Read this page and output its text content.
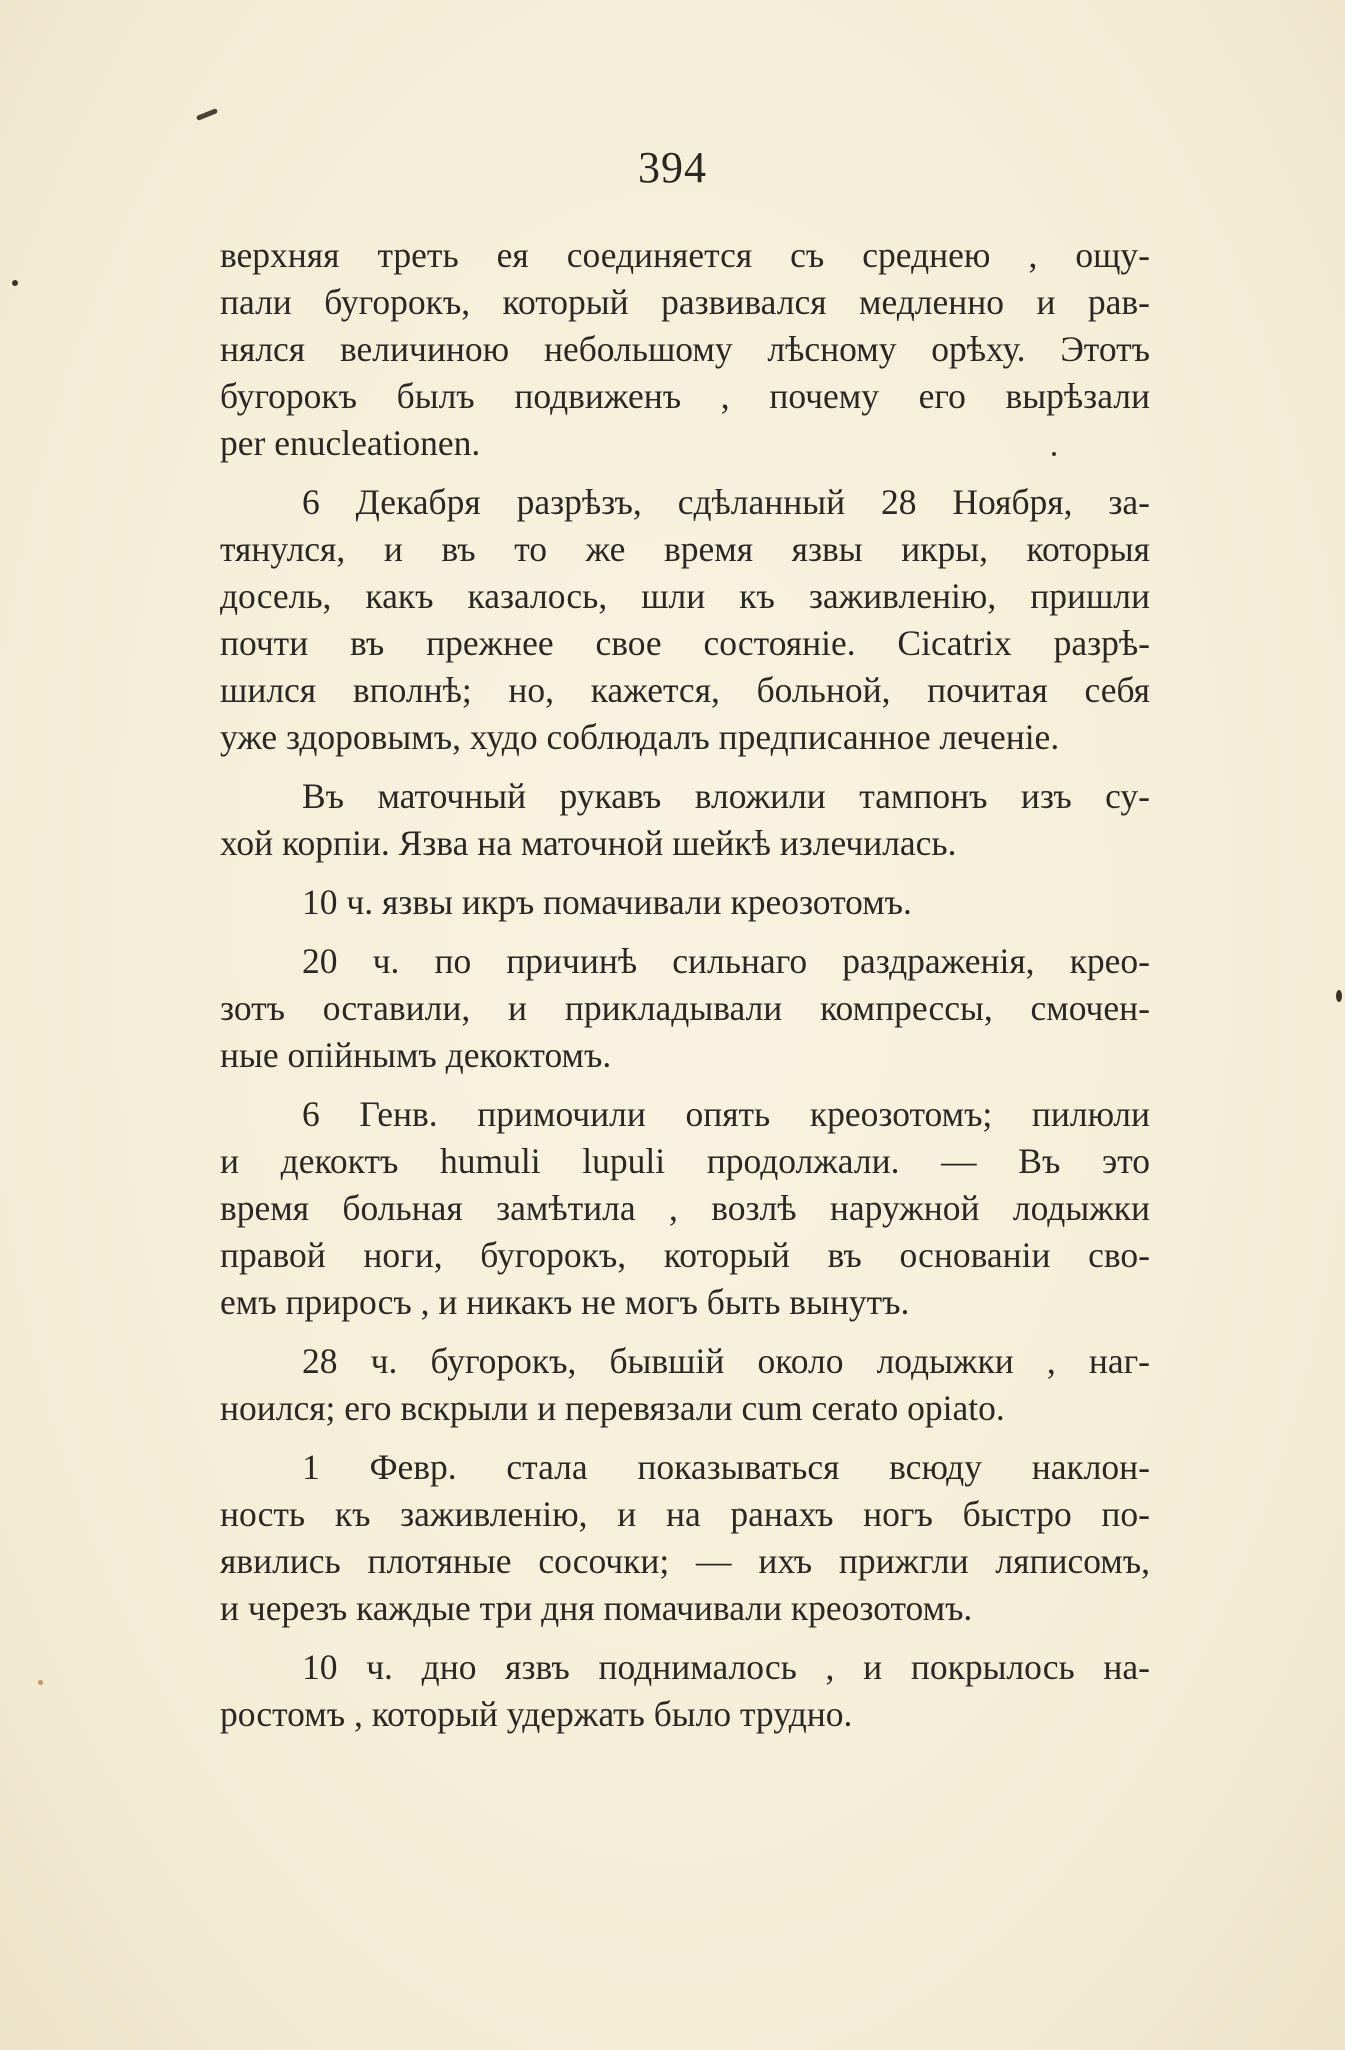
394
верхняя треть ея соединяется съ среднею , ощу-
пали бугорокъ, который развивался медленно и рав-
нялся величиною небольшому лѣсному орѣху. Этотъ
бугорокъ былъ подвиженъ , почему его вырѣзали
per enucleationen.
6 Декабря разрѣзъ, сдѣланный 28 Ноября, за-
тянулся, и въ то же время язвы икры, которыя
досель, какъ казалось, шли къ заживленію, пришли
почти въ прежнее свое состояніе. Cicatrix разрѣ-
шился вполнѣ; но, кажется, больной, почитая себя
уже здоровымъ, худо соблюдалъ предписанное леченіе.
Въ маточный рукавъ вложили тампонъ изъ су-
хой корпіи. Язва на маточной шейкѣ излечилась.
10 ч. язвы икръ помачивали креозотомъ.
20 ч. по причинѣ сильнаго раздраженія, крео-
зотъ оставили, и прикладывали компрессы, смочен-
ные опійнымъ декоктомъ.
6 Генв. примочили опять креозотомъ; пилюли
и декоктъ humuli lupuli продолжали. — Въ это
время больная замѣтила , возлѣ наружной лодыжки
правой ноги, бугорокъ, который въ основаніи сво-
емъ приросъ , и никакъ не могъ быть вынутъ.
28 ч. бугорокъ, бывшій около лодыжки , наг-
ноился; его вскрыли и перевязали cum cerato opiato.
1 Февр. стала показываться всюду наклон-
ность къ заживленію, и на ранахъ ногъ быстро по-
явились плотяные сосочки; — ихъ прижгли ляписомъ,
и черезъ каждые три дня помачивали креозотомъ.
10 ч. дно язвъ поднималось , и покрылось на-
ростомъ , который удержать было трудно.
